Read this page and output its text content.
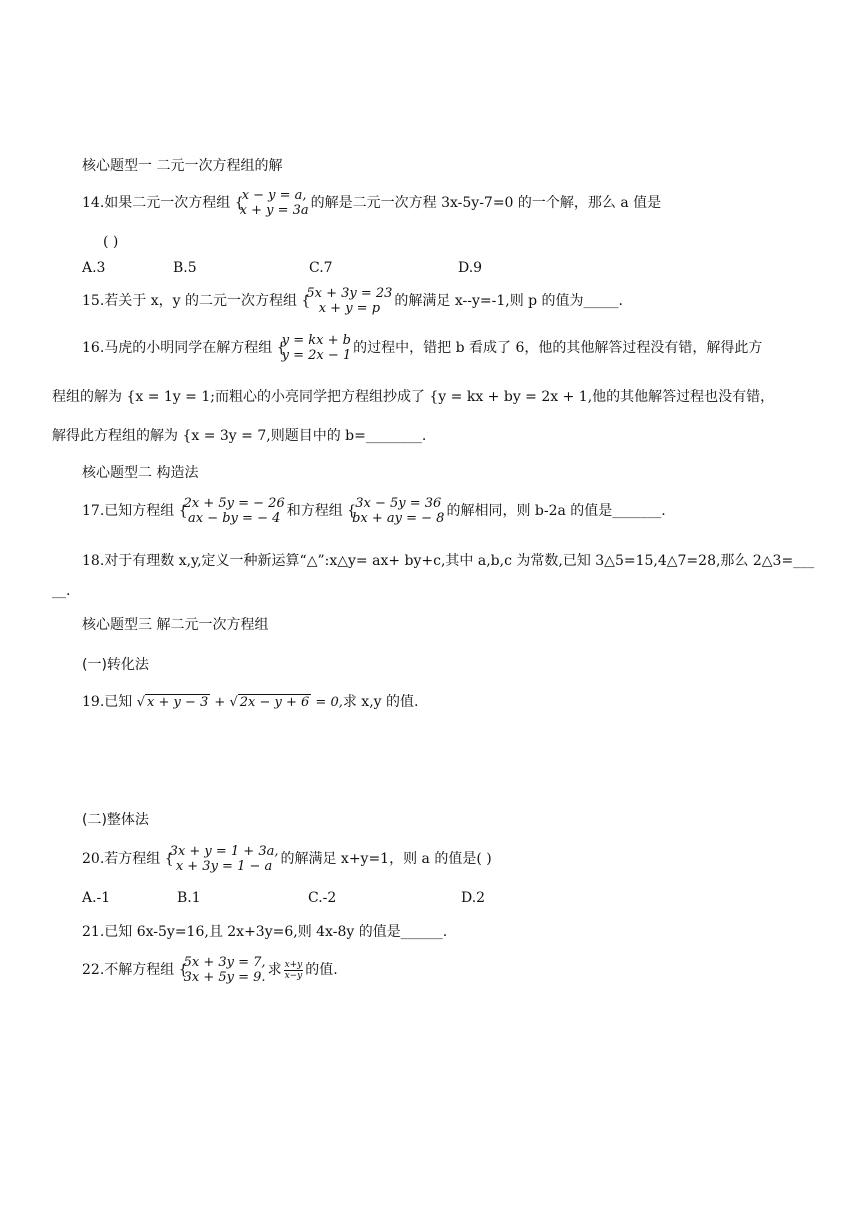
核心题型一 二元一次方程组的解
14.如果二元一次方程组 {
x − y = a,
x + y = 3a 的解是二元一次方程 3x-5y-7=0 的一个解，那么 a 值是
( )
A.3	B.5	C.7	D.9
15.若关于 x，y 的二元一次方程组 {
5x + 3y = 23
x + y = p	的解满足 x--y=-1,则 p 的值为_____.
16.马虎的小明同学在解方程组 {
y = kx + b
y = 2x − 1 的过程中，错把 b 看成了 6，他的其他解答过程没有错，解得此方
程组的解为 {x = 1y = 1;而粗心的小亮同学把方程组抄成了 {y = kx + by = 2x + 1,他的其他解答过程也没有错，
解得此方程组的解为 {x = 3y = 7,则题目中的 b=________.
核心题型二 构造法
17.已知方程组 {
2x + 5y = − 26
ax − by = − 4 和方程组 { 3x − 5y = 36
bx + ay = − 8 的解相同，则 b-2a 的值是_______.
18.对于有理数 x,y,定义一种新运算“△”:x△y= ax+ by+c,其中 a,b,c 为常数,已知 3△5=15,4△7=28,那么 2△3=___
__.
核心题型三 解二元一次方程组
(一)转化法
19.已知 √ x + y − 3 + √ 2x − y + 6 = 0,求 x,y 的值.
(二)整体法
20.若方程组 {
3x + y = 1 + 3a,
x + 3y = 1 − a 的解满足 x+y=1，则 a 的值是( )
A.-1	B.1	C.-2	D.2
21.已知 6x-5y=16,且 2x+3y=6,则 4x-8y 的值是______.
22.不解方程组 {
5x + 3y = 7,
3x + 5y = 9. 求 $\frac{x+y}{x-y}$ 的值.
